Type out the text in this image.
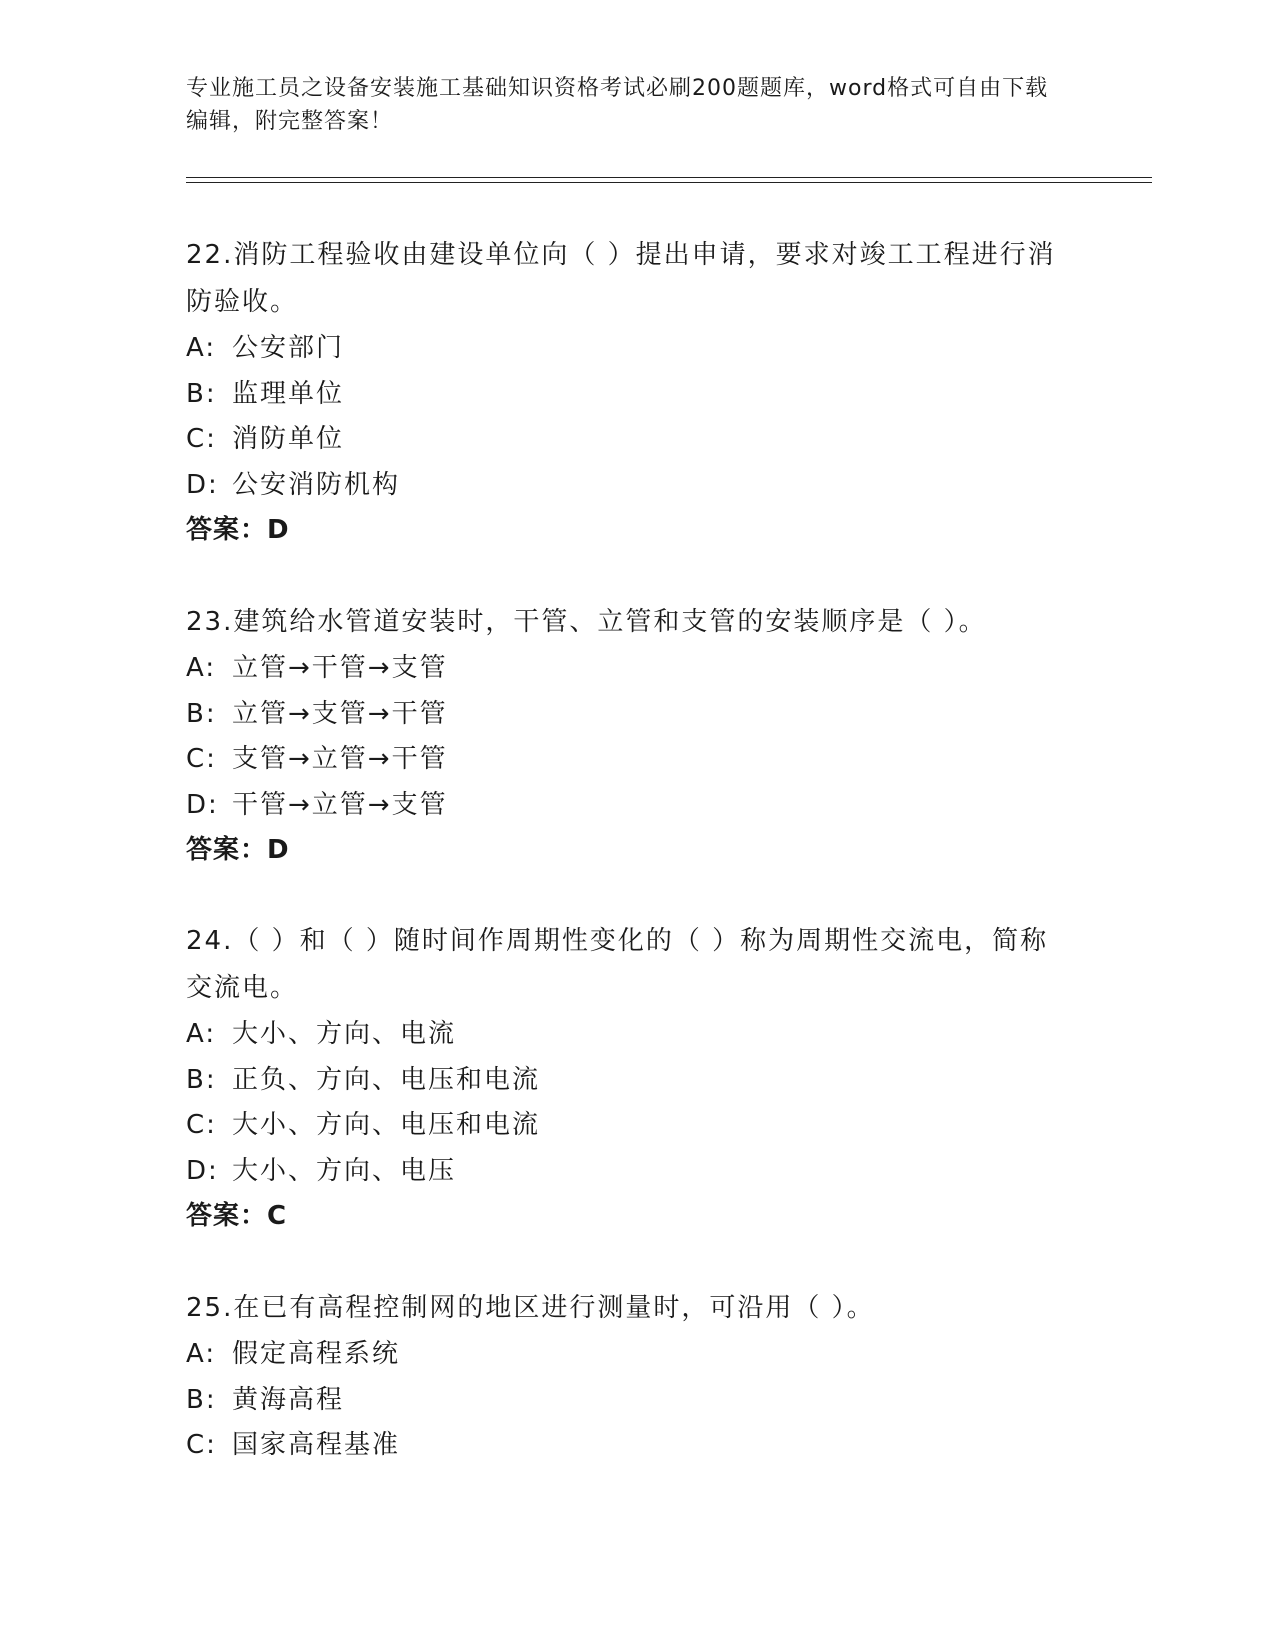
专业施工员之设备安装施工基础知识资格考试必刷200题题库，word格式可自由下载编辑，附完整答案！
22.消防工程验收由建设单位向（ ）提出申请，要求对竣工工程进行消防验收。
A: 公安部门
B: 监理单位
C: 消防单位
D: 公安消防机构
答案：D
23.建筑给水管道安装时，干管、立管和支管的安装顺序是（ ）。
A: 立管→干管→支管
B: 立管→支管→干管
C: 支管→立管→干管
D: 干管→立管→支管
答案：D
24.（ ）和（ ）随时间作周期性变化的（ ）称为周期性交流电，简称交流电。
A: 大小、方向、电流
B: 正负、方向、电压和电流
C: 大小、方向、电压和电流
D: 大小、方向、电压
答案：C
25.在已有高程控制网的地区进行测量时，可沿用（ ）。
A: 假定高程系统
B: 黄海高程
C: 国家高程基准
